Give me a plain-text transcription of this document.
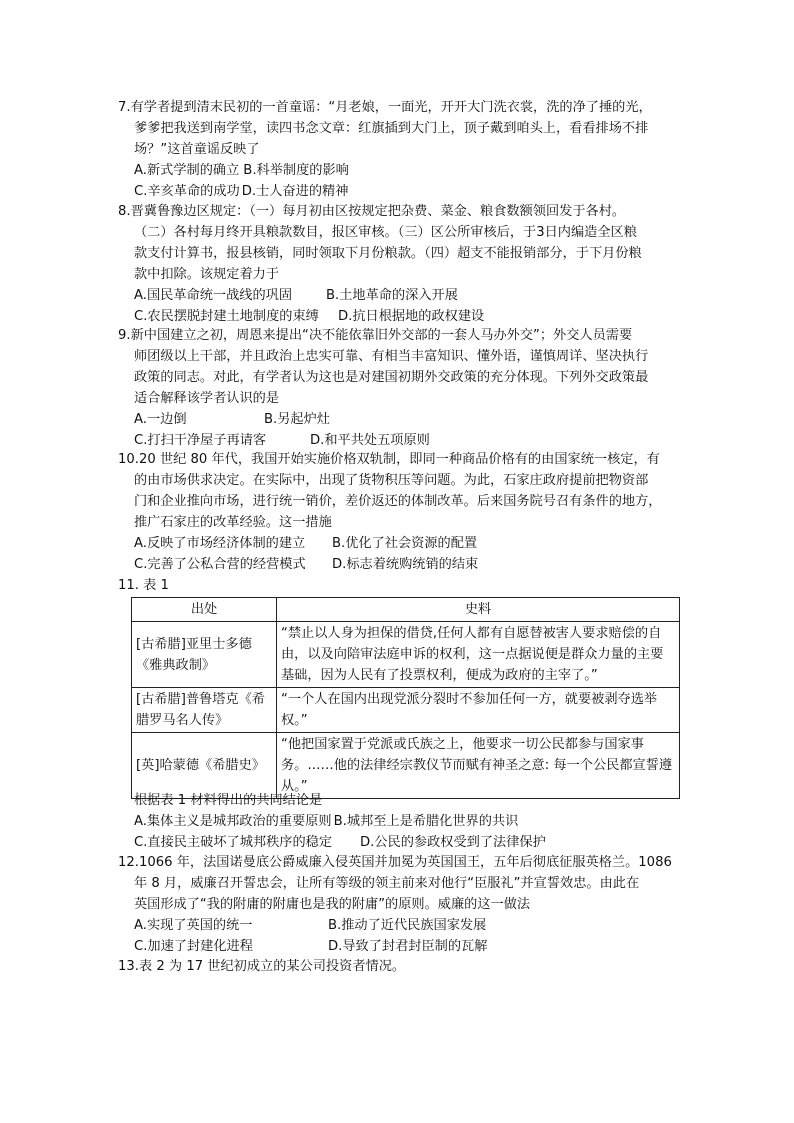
7.有学者提到清末民初的一首童谣：“月老娘，一面光，开开大门洗衣裳，洗的净了捶的光，
爹爹把我送到南学堂，读四书念文章：红旗插到大门上，顶子戴到咱头上，看看排场不排
场？”这首童谣反映了
A.新式学制的确立 B.科举制度的影响
C.辛亥革命的成功 D.士人奋进的精神
8.晋冀鲁豫边区规定：（一）每月初由区按规定把杂费、菜金、粮食数额领回发于各村。
（二）各村每月终开具粮款数目，报区审核。（三）区公所审核后，于3日内编造全区粮
款支付计算书，报县核销，同时领取下月份粮款。（四）超支不能报销部分，于下月份粮
款中扣除。该规定着力于
A.国民革命统一战线的巩固	B.土地革命的深入开展
C.农民摆脱封建土地制度的束缚	D.抗日根据地的政权建设
9.新中国建立之初，周恩来提出“决不能依靠旧外交部的一套人马办外交”；外交人员需要
师团级以上干部，并且政治上忠实可靠、有相当丰富知识、懂外语，谨慎周详、坚决执行
政策的同志。对此，有学者认为这也是对建国初期外交政策的充分体现。下列外交政策最
适合解释该学者认识的是
A.一边倒	B.另起炉灶
C.打扫干净屋子再请客	D.和平共处五项原则
10.20 世纪 80 年代，我国开始实施价格双轨制，即同一种商品价格有的由国家统一核定，有
的由市场供求决定。在实际中，出现了货物积压等问题。为此，石家庄政府提前把物资部
门和企业推向市场，进行统一销价，差价返还的体制改革。后来国务院号召有条件的地方，
推广石家庄的改革经验。这一措施
A.反映了市场经济体制的建立	B.优化了社会资源的配置
C.完善了公私合营的经营模式	D.标志着统购统销的结束
11. 表 1
出处	史料
[古希腊]亚里士多德《雅典政制》	“禁止以人身为担保的借贷,任何人都有自愿替被害人要求赔偿的自由，以及向陪审法庭申诉的权利，这一点据说便是群众力量的主要基础，因为人民有了投票权利，便成为政府的主宰了。”
[古希腊]普鲁塔克《希腊罗马名人传》	“一个人在国内出现党派分裂时不参加任何一方，就要被剥夺选举权。”
[英]哈蒙德《希腊史》	“他把国家置于党派或氏族之上，他要求一切公民都参与国家事务。……他的法律经宗教仪节而赋有神圣之意: 每一个公民都宣誓遵从。”
根据表 1 材料得出的共同结论是
A.集体主义是城邦政治的重要原则 B.城邦至上是希腊化世界的共识
C.直接民主破坏了城邦秩序的稳定	D.公民的参政权受到了法律保护
12.1066 年，法国诺曼底公爵威廉入侵英国并加冕为英国国王，五年后彻底征服英格兰。1086
年 8 月，威廉召开誓忠会，让所有等级的领主前来对他行“臣服礼”并宣誓效忠。由此在
英国形成了“我的附庸的附庸也是我的附庸”的原则。威廉的这一做法
A.实现了英国的统一	B.推动了近代民族国家发展
C.加速了封建化进程	D.导致了封君封臣制的瓦解
13.表 2 为 17 世纪初成立的某公司投资者情况。
